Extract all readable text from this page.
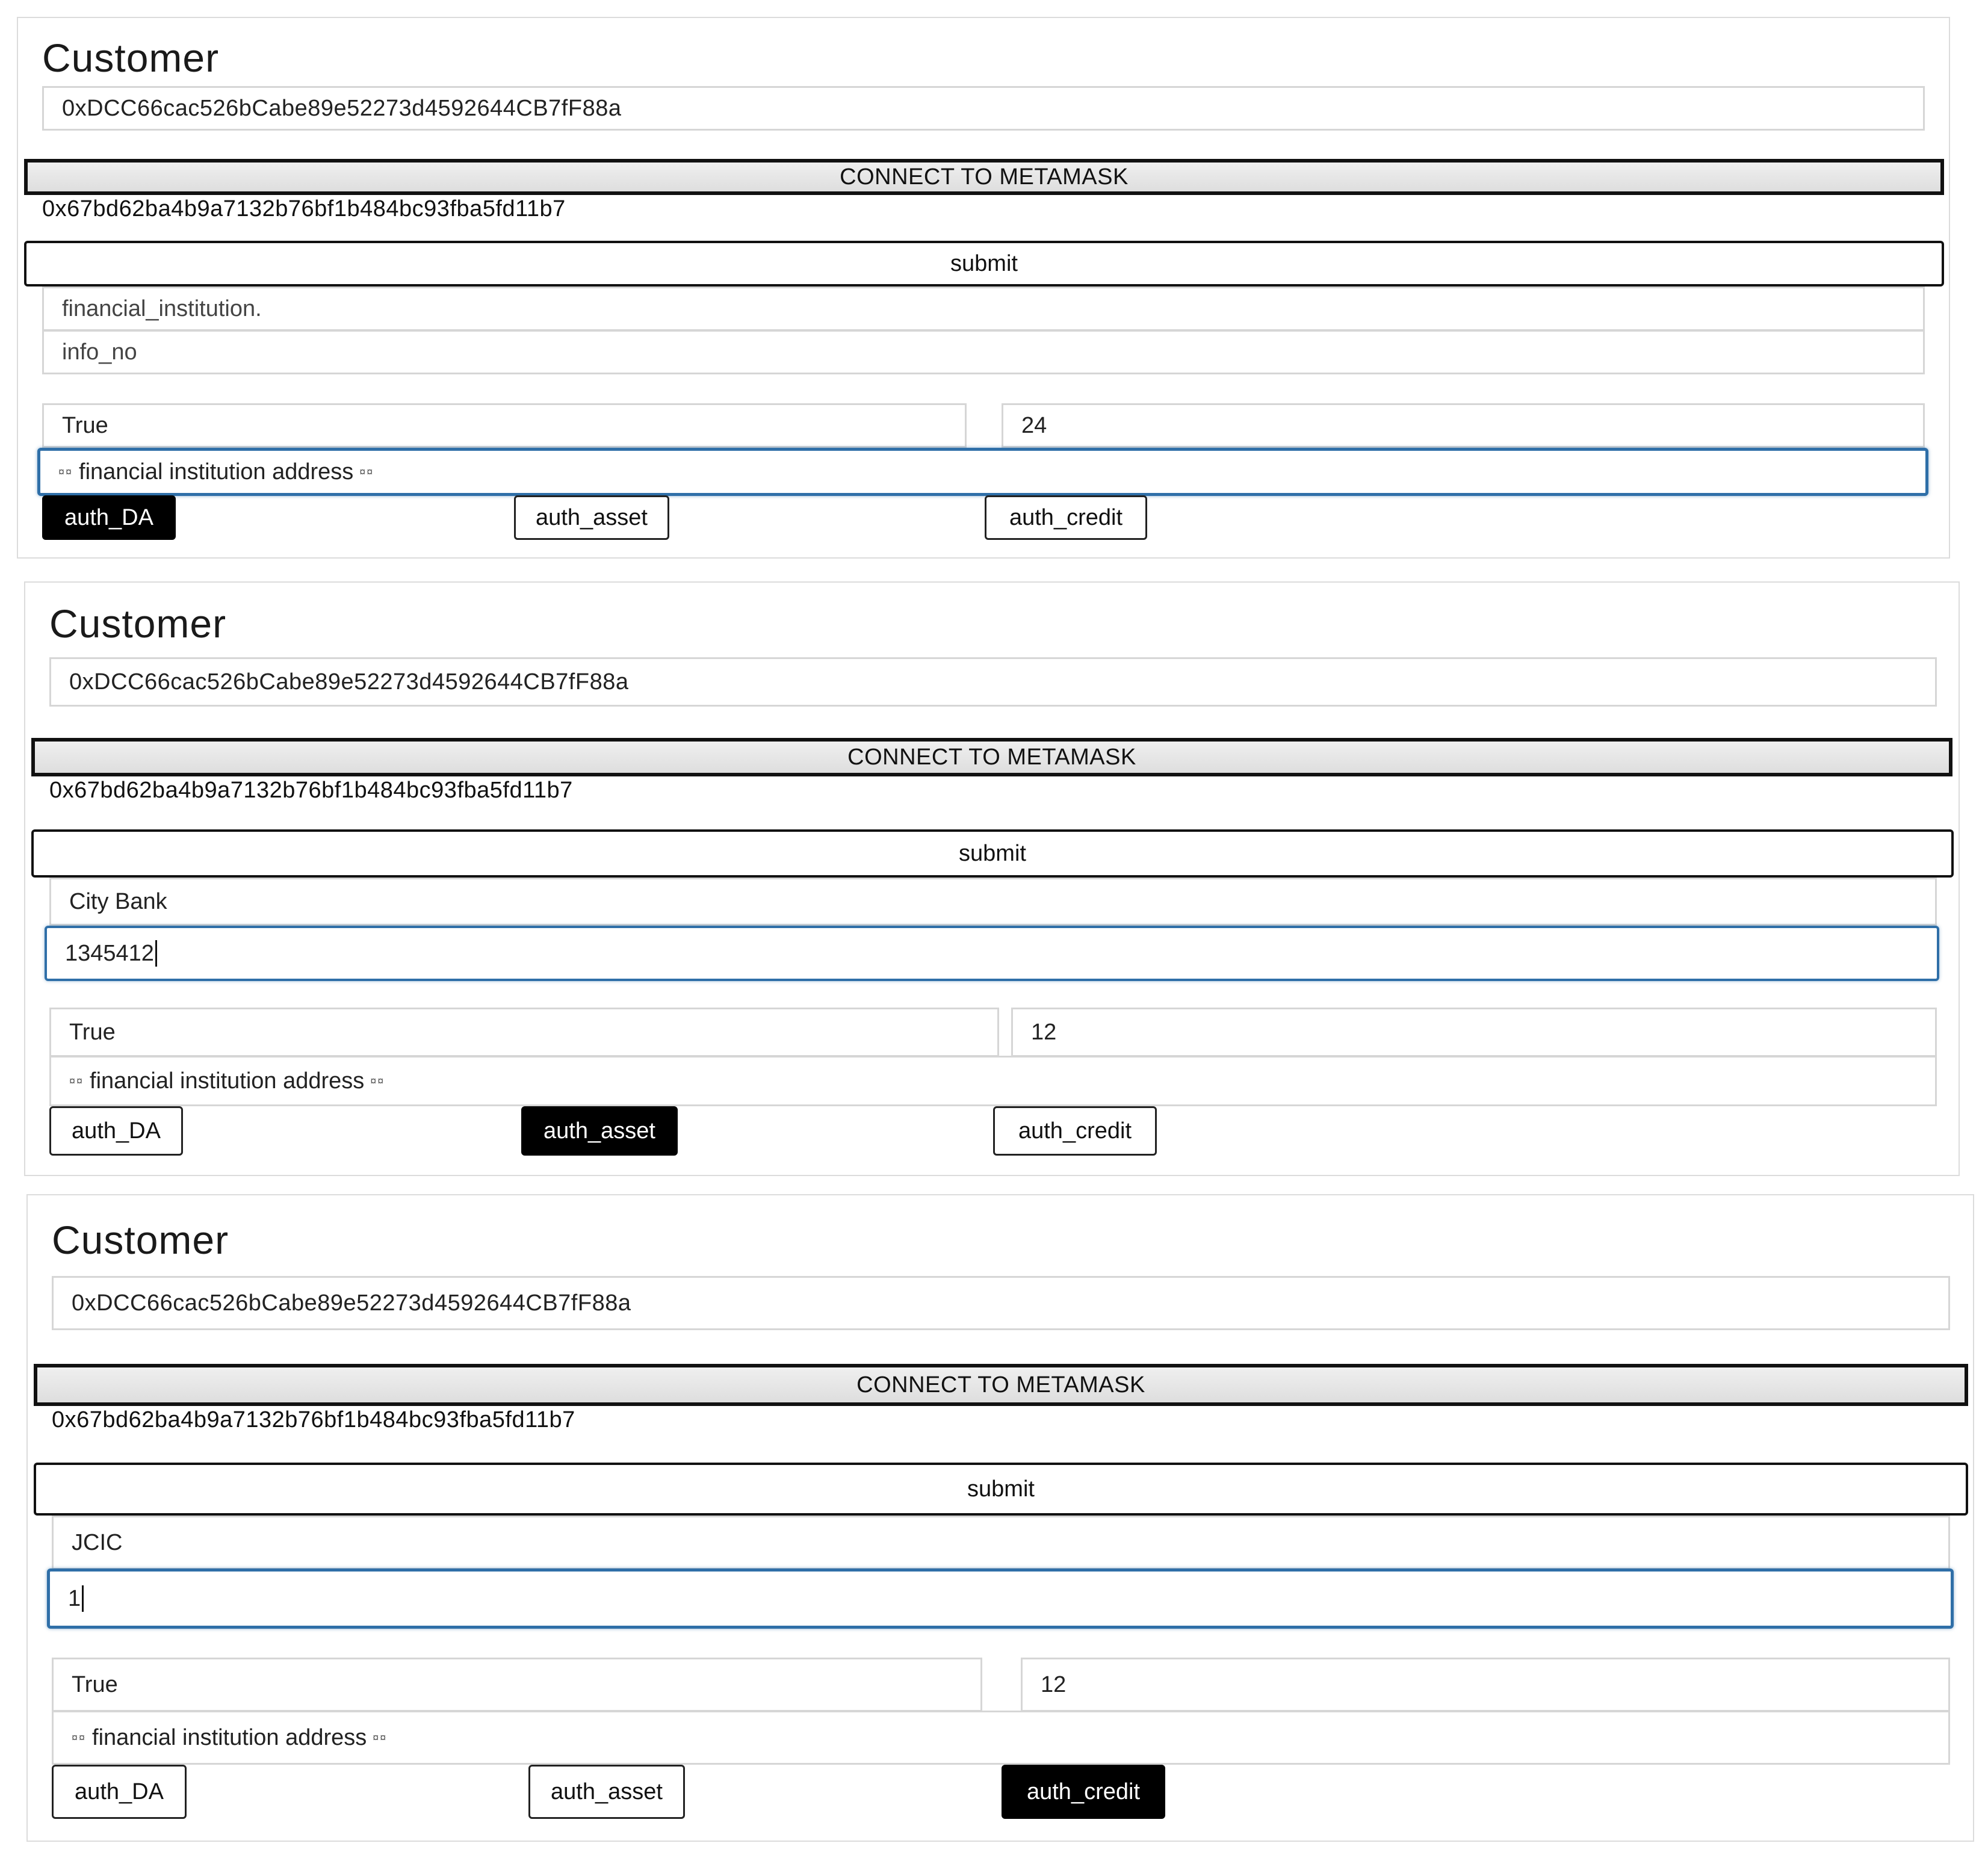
Customer
0xDCC66cac526bCabe89e52273d4592644CB7fF88a
CONNECT TO METAMASK
0x67bd62ba4b9a7132b76bf1b484bc93fba5fd11b7
submit
financial_institution.
info_no
True	24
¤¤ financial institution address ¤¤
auth_DA	auth_asset	auth_credit
Customer
0xDCC66cac526bCabe89e52273d4592644CB7fF88a
CONNECT TO METAMASK
0x67bd62ba4b9a7132b76bf1b484bc93fba5fd11b7
submit
City Bank
1345412
True	12
¤¤ financial institution address ¤¤
auth_DA	auth_asset	auth_credit
Customer
0xDCC66cac526bCabe89e52273d4592644CB7fF88a
CONNECT TO METAMASK
0x67bd62ba4b9a7132b76bf1b484bc93fba5fd11b7
submit
JCIC
1
True	12
¤¤ financial institution address ¤¤
auth_DA	auth_asset	auth_credit
